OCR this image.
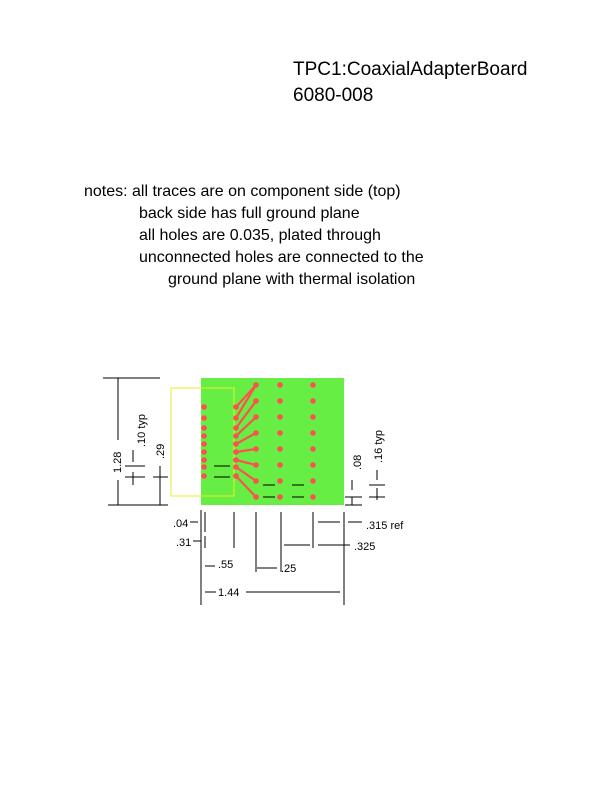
TPC1:CoaxialAdapterBoard
6080-008
notes: all traces are on component side (top)
back side has full ground plane
all holes are 0.035, plated through
unconnected holes are connected to the
ground plane with thermal isolation
1.28
.10 typ
.29
.08 .16 typ
.04
.31
.315 ref
.325
.55	.25
1.44
